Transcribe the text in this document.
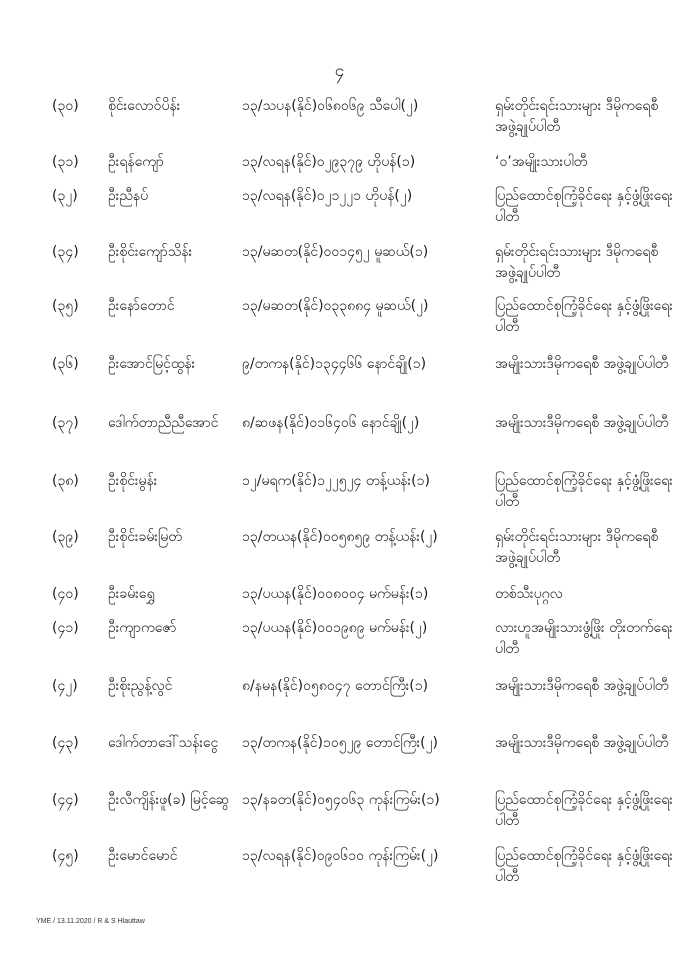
၄
(၃၀) စိုင်းလောဝ်ပိန်း	၁၃/သပန(နိုင်)၀၆၈၀၆၉ သီပေါ(၂)	ရှမ်းတိုင်းရင်းသားများ ဒီမိုကရေစီအဖွဲ့ချုပ်ပါတီ
(၃၁) ဦးရန်ကျော်	၁၃/လရန(နိုင်)၀၂၉၃၇၉ ဟိုပန်(၁)	‘ဝ’အမျိုးသားပါတီ
(၃၂) ဦးညီနပ်	၁၃/လရန(နိုင်)၀၂၁၂၂၁ ဟိုပန်(၂)	ပြည်ထောင်စုကြံ့ခိုင်ရေး နှင့်ဖွံ့ဖြိုးရေးပါတီ
(၃၄) ဦးစိုင်းကျော်သိန်း	၁၃/မဆတ(နိုင်)၀၀၁၄၅၂ မူဆယ်(၁)	ရှမ်းတိုင်းရင်းသားများ ဒီမိုကရေစီအဖွဲ့ချုပ်ပါတီ
(၃၅) ဦးနော်တောင်	၁၃/မဆတ(နိုင်)၀၃၃၈၈၄ မူဆယ်(၂)	ပြည်ထောင်စုကြံ့ခိုင်ရေး နှင့်ဖွံ့ဖြိုးရေးပါတီ
(၃၆) ဦးအောင်မြင့်ထွန်း	၉/တကန(နိုင်)၁၃၄၄၆၆ နောင်ချို(၁)	အမျိုးသားဒီမိုကရေစီ အဖွဲ့ချုပ်ပါတီ
(၃၇) ဒေါက်တာညီညီအောင်	၈/ဆဖန(နိုင်)၀၁၆၄၀၆ နောင်ချို(၂)	အမျိုးသားဒီမိုကရေစီ အဖွဲ့ချုပ်ပါတီ
(၃၈) ဦးစိုင်းမွန်း	၁၂/မရက(နိုင်)၁၂၂၅၂၄ တန့်ယန်း(၁)	ပြည်ထောင်စုကြံ့ခိုင်ရေး နှင့်ဖွံ့ဖြိုးရေးပါတီ
(၃၉) ဦးစိုင်းခမ်းမြတ်	၁၃/တယန(နိုင်)၀၀၅၈၅၉ တန့်ယန်း(၂)	ရှမ်းတိုင်းရင်းသားများ ဒီမိုကရေစီအဖွဲ့ချုပ်ပါတီ
(၄၀) ဦးခမ်းရွှေ	၁၃/ပယန(နိုင်)၀၀၈၀၀၄ မက်မန်း(၁)	တစ်သီးပုဂ္ဂလ
(၄၁) ဦးကျာကဇော်	၁၃/ပယန(နိုင်)၀၀၁၉၈၉ မက်မန်း(၂)	လားဟူအမျိုးသားဖွံ့ဖြိုး တိုးတက်ရေးပါတီ
(၄၂) ဦးစိုးညွန့်လွင်	၈/နမန(နိုင်)၀၅၈၀၄၇ တောင်ကြီး(၁)	အမျိုးသားဒီမိုကရေစီ အဖွဲ့ချုပ်ပါတီ
(၄၃) ဒေါက်တာဒေါ်သန်းငွေ	၁၃/တကန(နိုင်)၁၀၅၂၉ တောင်ကြီး(၂)	အမျိုးသားဒီမိုကရေစီ အဖွဲ့ချုပ်ပါတီ
(၄၄) ဦးလီကျိန်းဖူ(ခ) မြင့်ဆွေ ၁၃/နခတ(နိုင်)၀၅၄၀၆၃ ကုန်းကြမ်း(၁)	ပြည်ထောင်စုကြံ့ခိုင်ရေး နှင့်ဖွံ့ဖြိုးရေးပါတီ
(၄၅) ဦးမောင်မောင်	၁၃/လရန(နိုင်)၀၉၀၆၁၀ ကုန်းကြမ်း(၂)	ပြည်ထောင်စုကြံ့ခိုင်ရေး နှင့်ဖွံ့ဖြိုးရေးပါတီ
YME / 13.11.2020 / R & S Hlauttaw
